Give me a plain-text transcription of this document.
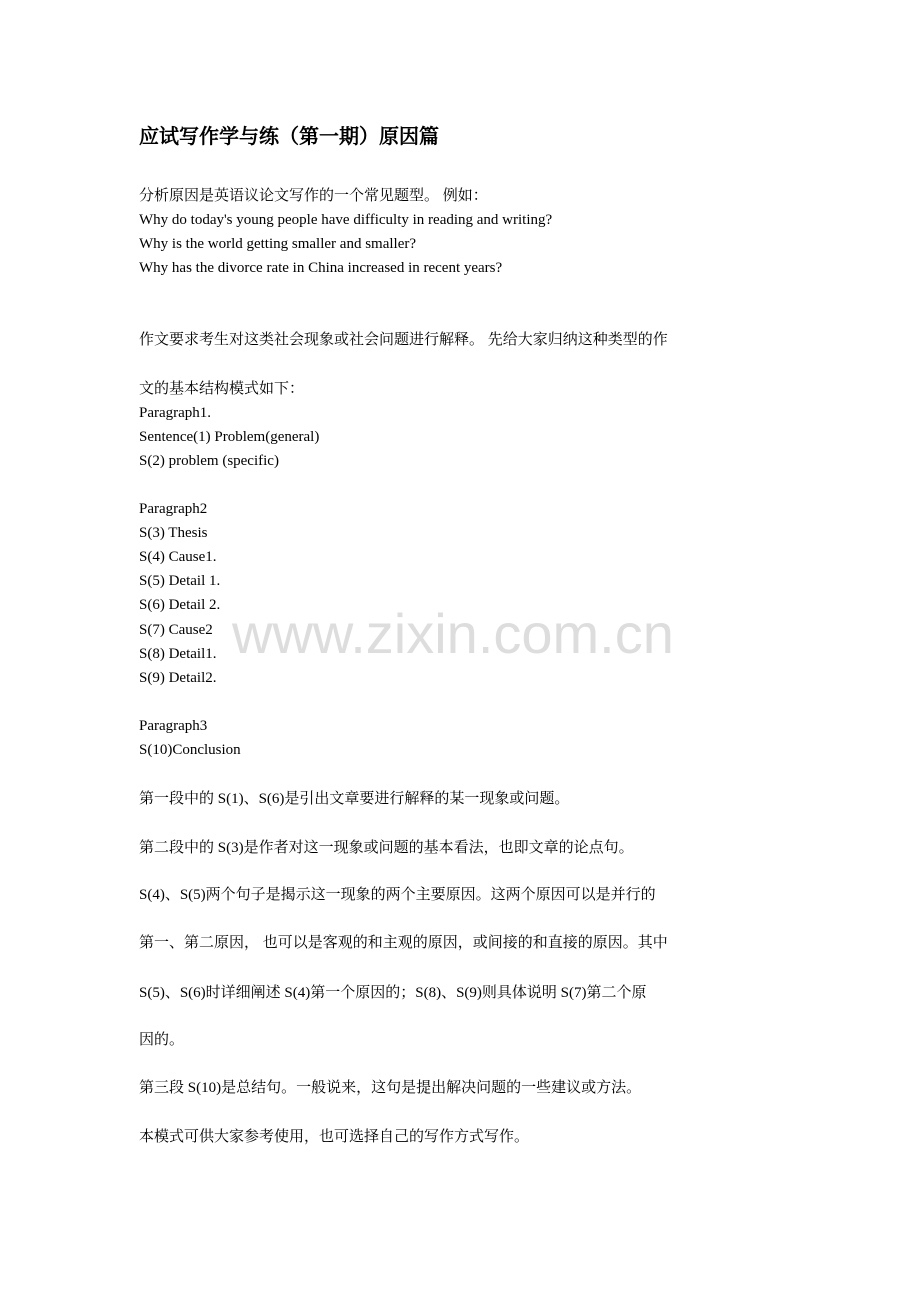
应试写作学与练（第一期）原因篇

分析原因是英语议论文写作的一个常见题型。 例如：

Why do today's young people have difficulty in reading and writing?

Why is the world getting smaller and smaller?

Why has the divorce rate in China increased in recent years?

作文要求考生对这类社会现象或社会问题进行解释。 先给大家归纳这种类型的作

文的基本结构模式如下：

Paragraph1.

Sentence(1) Problem(general)

S(2) problem (specific)

Paragraph2

S(3) Thesis

S(4) Cause1.

S(5) Detail 1.

S(6) Detail 2.

S(7) Cause2

S(8) Detail1.

S(9) Detail2.

Paragraph3

S(10)Conclusion

第一段中的 S(1)、S(6)是引出文章要进行解释的某一现象或问题。

第二段中的 S(3)是作者对这一现象或问题的基本看法，也即文章的论点句。

S(4)、S(5)两个句子是揭示这一现象的两个主要原因。这两个原因可以是并行的

第一、第二原因， 也可以是客观的和主观的原因，或间接的和直接的原因。其中

S(5)、S(6)时详细阐述 S(4)第一个原因的；S(8)、S(9)则具体说明 S(7)第二个原

因的。

第三段 S(10)是总结句。一般说来，这句是提出解决问题的一些建议或方法。

本模式可供大家参考使用，也可选择自己的写作方式写作。

www.zixin.com.cn
